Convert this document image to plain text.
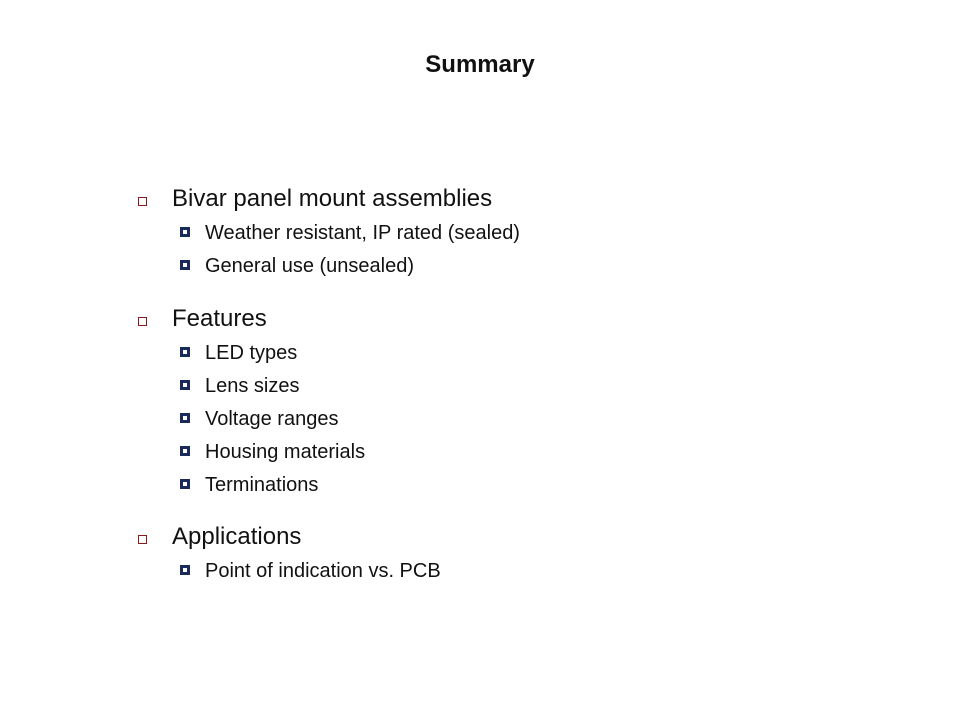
Summary
Bivar panel mount assemblies
Weather resistant, IP rated (sealed)
General use (unsealed)
Features
LED types
Lens sizes
Voltage ranges
Housing materials
Terminations
Applications
Point of indication vs. PCB
